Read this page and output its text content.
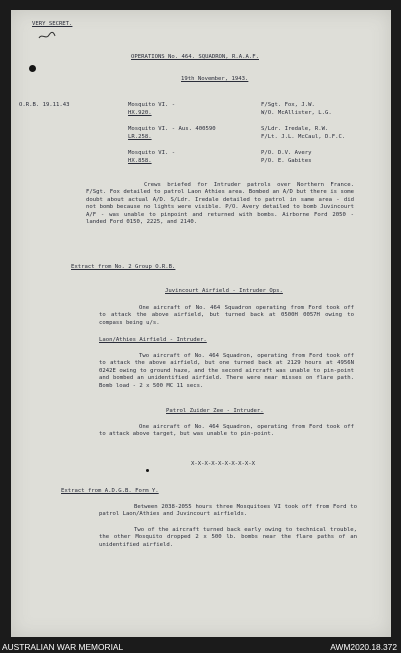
VERY SECRET.
OPERATIONS No. 464. SQUADRON, R.A.A.F.
19th November, 1943.
O.R.B. 19.11.43	Mosquito VI. -
HX.920.
F/Sgt. Fox, J.W.
W/O. McAllister, L.G.
Mosquito VI. - Aus. 400590
LR.258.
S/Ldr. Iredale, R.W.
F/Lt. J.L. McCaul, D.F.C.
Mosquito VI. -
HX.858.
P/O. D.V. Avery
P/O. E. Gabites
Crews briefed for Intruder patrols over Northern France. F/Sgt. Fox detailed to patrol Laon Athies area. Bombed an A/D but there is some doubt about actual A/D. S/Ldr. Iredale detailed to patrol in same area - did not bomb because no lights were visible. P/O. Avery detailed to bomb Juvincourt A/F - was unable to pinpoint and returned with bombs. Airborne Ford 2050 - landed Ford 0150, 2225, and 2140.
Extract from No. 2 Group O.R.B.
Juvincourt Airfield - Intruder Ops.
One aircraft of No. 464 Squadron operating from Ford took off to attack the above airfield, but turned back at 0500H 0057H owing to compass being u/s.
Laon/Athies Airfield - Intruder.
Two aircraft of No. 464 Squadron, operating from Ford took off to attack the above airfield, but one turned back at 2129 hours at 4956N 0242E owing to ground haze, and the second aircraft was unable to pin-point and bombed an unidentified airfield. There were near misses on flare path. Bomb load - 2 x 500 MC 11 secs.
Patrol Zuider Zee - Intruder.
One aircraft of No. 464 Squadron, operating from Ford took off to attack above target, but was unable to pin-point.
X-X-X-X-X-X-X-X-X-X
Extract from A.D.G.B. Form Y.
Between 2038-2055 hours three Mosquitoes VI took off from Ford to patrol Laon/Athies and Juvincourt airfields.
Two of the aircraft turned back early owing to technical trouble, the other Mosquito dropped 2 x 500 lb. bombs near the flare paths of an unidentified airfield.
AUSTRALIAN WAR MEMORIAL	AWM2020.18.372
